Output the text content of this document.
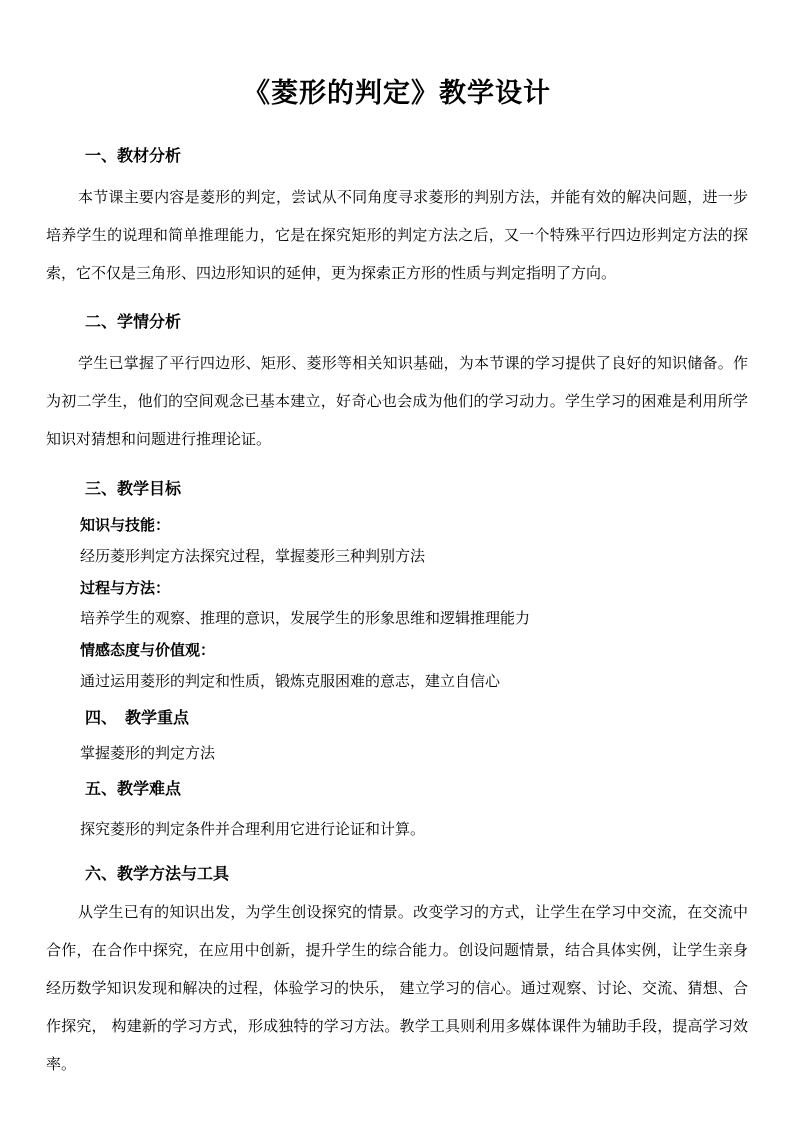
《菱形的判定》教学设计
一、教材分析

本节课主要内容是菱形的判定，尝试从不同角度寻求菱形的判别方法，并能有效的解决问题，进一步培养学生的说理和简单推理能力，它是在探究矩形的判定方法之后，又一个特殊平行四边形判定方法的探索，它不仅是三角形、四边形知识的延伸，更为探索正方形的性质与判定指明了方向。

二、学情分析

学生已掌握了平行四边形、矩形、菱形等相关知识基础，为本节课的学习提供了良好的知识储备。作为初二学生，他们的空间观念已基本建立，好奇心也会成为他们的学习动力。学生学习的困难是利用所学知识对猜想和问题进行推理论证。

三、教学目标
知识与技能：
经历菱形判定方法探究过程，掌握菱形三种判别方法
过程与方法：
培养学生的观察、推理的意识，发展学生的形象思维和逻辑推理能力
情感态度与价值观：
通过运用菱形的判定和性质，锻炼克服困难的意志，建立自信心
四、　教学重点
掌握菱形的判定方法
五、教学难点
探究菱形的判定条件并合理利用它进行论证和计算。
六、教学方法与工具

从学生已有的知识出发，为学生创设探究的情景。改变学习的方式，让学生在学习中交流，在交流中合作，在合作中探究，在应用中创新，提升学生的综合能力。创设问题情景，结合具体实例，让学生亲身经历数学知识发现和解决的过程，体验学习的快乐， 建立学习的信心。通过观察、讨论、交流、猜想、合作探究， 构建新的学习方式，形成独特的学习方法。教学工具则利用多媒体课件为辅助手段，提高学习效率。
